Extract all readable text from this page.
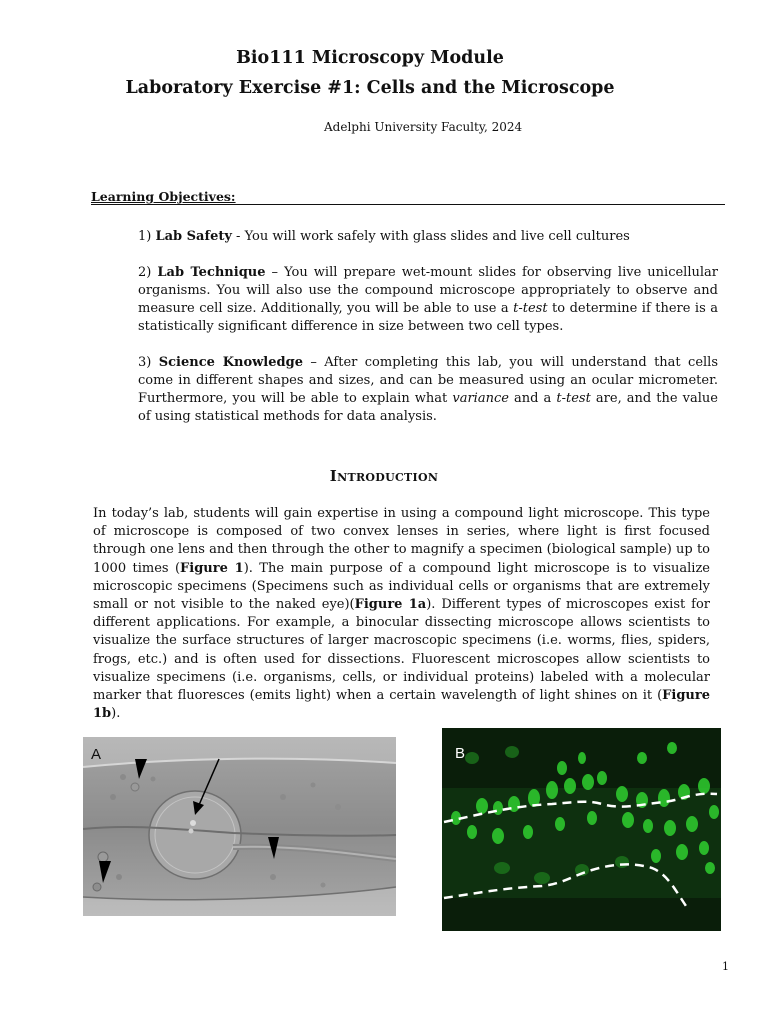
Bio111 Microscopy Module
Laboratory Exercise #1: Cells and the Microscope
Adelphi University Faculty, 2024
Learning Objectives:
1) Lab Safety - You will work safely with glass slides and live cell cultures
2) Lab Technique – You will prepare wet-mount slides for observing live unicellular organisms. You will also use the compound microscope appropriately to observe and measure cell size. Additionally, you will be able to use a t-test to determine if there is a statistically significant difference in size between two cell types.
3) Science Knowledge – After completing this lab, you will understand that cells come in different shapes and sizes, and can be measured using an ocular micrometer. Furthermore, you will be able to explain what variance and a t-test are, and the value of using statistical methods for data analysis.
Introduction
In today’s lab, students will gain expertise in using a compound light microscope. This type of microscope is composed of two convex lenses in series, where light is first focused through one lens and then through the other to magnify a specimen (biological sample) up to 1000 times (Figure 1). The main purpose of a compound light microscope is to visualize microscopic specimens (Specimens such as individual cells or organisms that are extremely small or not visible to the naked eye)(Figure 1a). Different types of microscopes exist for different applications. For example, a binocular dissecting microscope allows scientists to visualize the surface structures of larger macroscopic specimens (i.e. worms, flies, spiders, frogs, etc.) and is often used for dissections. Fluorescent microscopes allow scientists to visualize specimens (i.e. organisms, cells, or individual proteins) labeled with a molecular marker that fluoresces (emits light) when a certain wavelength of light shines on it (Figure 1b).
A	B
1
